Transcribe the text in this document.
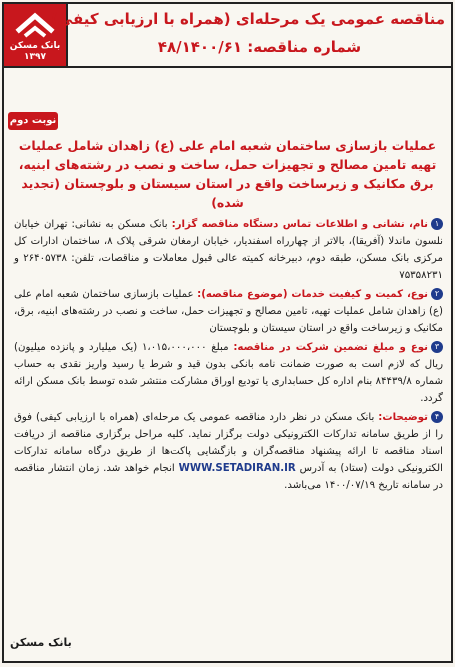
بانک مسکن
۱۳۹۷
مناقصه عمومی یک مرحله‌ای (همراه با ارزیابی کیفی)
شماره مناقصه: ۴۸/۱۴۰۰/۶۱
نوبت دوم
عملیات بازسازی ساختمان شعبه امام علی (ع) زاهدان شامل عملیات تهیه تامین مصالح و تجهیزات حمل، ساخت و نصب در رشته‌های ابنیه، برق مکانیک و زیرساخت واقع در استان سیستان و بلوچستان (تجدید شده)
۱نام، نشانی و اطلاعات تماس دستگاه مناقصه گزار: بانک مسکن به نشانی: تهران خیابان نلسون ماندلا (آفریقا)، بالاتر از چهارراه اسفندیار، خیابان ارمغان شرقی پلاک ۸، ساختمان ادارات کل مرکزی بانک مسکن، طبقه دوم، دبیرخانه کمیته عالی قبول معاملات و مناقصات، تلفن: ۲۶۴۰۵۷۳۸ و ۷۵۳۵۸۲۳۱
۲نوع، کمیت و کیفیت خدمات (موضوع مناقصه): عملیات بازسازی ساختمان شعبه امام علی (ع) زاهدان شامل عملیات تهیه، تامین مصالح و تجهیزات حمل، ساخت و نصب در رشته‌های ابنیه، برق، مکانیک و زیرساخت واقع در استان سیستان و بلوچستان
۳نوع و مبلغ تضمین شرکت در مناقصه: مبلغ ۱،۰۱۵،۰۰۰،۰۰۰ (یک میلیارد و پانزده میلیون) ریال که لازم است به صورت ضمانت نامه بانکی بدون قید و شرط یا رسید واریز نقدی به حساب شماره ۸۴۴۳۹/۸ بنام اداره کل حسابداری یا تودیع اوراق مشارکت منتشر شده توسط بانک مسکن ارائه گردد.
۴توضیحات: بانک مسکن در نظر دارد مناقصه عمومی یک مرحله‌ای (همراه با ارزیابی کیفی) فوق را از طریق سامانه تدارکات الکترونیکی دولت برگزار نماید. کلیه مراحل برگزاری مناقصه از دریافت اسناد مناقصه تا ارائه پیشنهاد مناقصه‌گران و بازگشایی پاکت‌ها از طریق درگاه سامانه تدارکات الکترونیکی دولت (ستاد) به آدرس WWW.SETADIRAN.IR انجام خواهد شد. زمان انتشار مناقصه در سامانه تاریخ ۱۴۰۰/۰۷/۱۹ می‌باشد.
بانک مسکن
